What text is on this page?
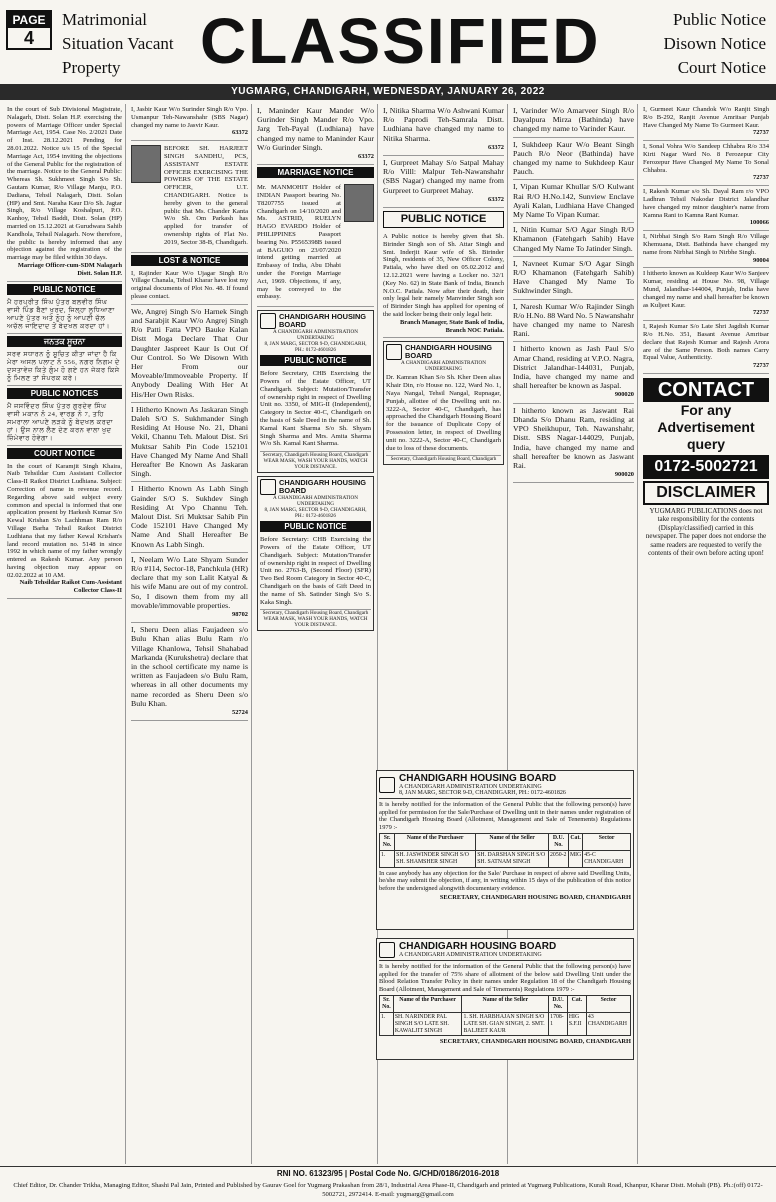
PAGE
4
Matrimonial
Situation Vacant
Property	CLASSIFIED	Public Notice
Disown Notice
Court Notice
YUGMARG, CHANDIGARH, WEDNESDAY, JANUARY 26, 2022
In the court of Sub Divisional Magistrate, Nalagarh, Distt. Solan H.P. exercising the powers of Marriage Officer under Special Marriage Act, 1954. Case No. 2/2021 Date of Inst. 28.12.2021 Pending for 28.01.2022. Notice u/s 15 of the Special Marriage Act, 1954 inviting the objections of the General Public for the registration of the marriage. Notice to the General Public: Whereas Sh. Sukhmeet Singh S/o Sh. Gautam Kumar, R/o Village Manju, P.O. Dadiana, Tehsil Nalagarh, Distt. Solan (HP) and Smt. Naraha Kaur D/o Sh. Jagtar Singh, R/o Village Koshalpuri, P.O. Kanhoy, Tehsil Baddi, Distt. Solan (HP) married on 15.12.2021 at Gurudwara Sahib Kandhola, Tehsil Nalagarh. Now therefore, the public is hereby informed that any objection against the registration of the marriage may be filed within 30 days.
Marriage Officer-cum-SDM Nalagarh Distt. Solan H.P.
PUBLIC NOTICE
ਮੈਂ ਹਰਪ੍ਰੀਤ ਸਿੰਘ ਪੁੱਤਰ ਬਲਵੀਰ ਸਿੰਘ ਵਾਸੀ ਪਿੰਡ ਬੈਣਾਂ ਖੁਰਦ, ਜਿਲ੍ਹਾ ਲੁਧਿਆਣਾ ਆਪਣੇ ਪੁੱਤਰ ਅਤੇ ਨੂੰਹ ਨੂੰ ਆਪਣੀ ਚੱਲ ਅਚੱਲ ਜਾਇਦਾਦ ਤੋਂ ਬੇਦਖਲ ਕਰਦਾ ਹਾਂ।
ਜਨਤਕ ਸੂਚਨਾ
ਸਰਵ ਸਧਾਰਨ ਨੂੰ ਸੂਚਿਤ ਕੀਤਾ ਜਾਂਦਾ ਹੈ ਕਿ ਮੇਰਾ ਅਸਲ ਪਲਾਟ ਨੰ 556, ਨਗਰ ਨਿਗਮ ਦੇ ਦਸਤਾਵੇਜ਼ ਕਿਤੇ ਗੁੰਮ ਹੋ ਗਏ ਹਨ ਜੇਕਰ ਕਿਸੇ ਨੂੰ ਮਿਲਣ ਤਾਂ ਸੰਪਰਕ ਕਰੇ।
PUBLIC NOTICES
ਮੈਂ ਜਸਵਿੰਦਰ ਸਿੰਘ ਪੁੱਤਰ ਗੁਰਦੇਵ ਸਿੰਘ ਵਾਸੀ ਮਕਾਨ ਨੰ 24, ਵਾਰਡ ਨੰ 7, ਤਹਿ ਸਮਰਾਲਾ ਆਪਣੇ ਲੜਕੇ ਨੂੰ ਬੇਦਖਲ ਕਰਦਾ ਹਾਂ। ਉਸ ਨਾਲ ਲੈਣ ਦੇਣ ਕਰਨ ਵਾਲਾ ਖੁਦ ਜ਼ਿੰਮੇਵਾਰ ਹੋਵੇਗਾ।
COURT NOTICE
In the court of Karamjit Singh Khaira, Naib Tehsildar Cum Assistant Collector Class-II Raikot District Ludhiana. Subject: Correction of name in revenue record. Regarding above said subject every common and special is informed that one application present by Harkesh Kumar S/o Kewal Krishan S/o Lachhman Ram R/o Village Barha Tehsil Raikot District Ludhiana that my father Kewal Krishan's land record mutation no. 5148 in since 1992 in which name of my father wrongly entered as Rakesh Kumar. Any person having objection may appear on 02.02.2022 at 10 AM.
Naib Tehsildar Raikot Cum-Assistant Collector Class-II
I, Jasbir Kaur W/o Surinder Singh R/o Vpo. Usmanpur Teh-Nawanshahr (SBS Nagar) changed my name to Jasvir Kaur.
63372
BEFORE SH. HARJEET SINGH SANDHU, PCS, ASSISTANT ESTATE OFFICER EXERCISING THE POWERS OF THE ESTATE OFFICER, U.T. CHANDIGARH. Notice is hereby given to the general public that Ms. Chander Kanta W/o Sh. Om Parkash has applied for transfer of ownership rights of Flat No. 2019, Sector 38-B, Chandigarh.
LOST & NOTICE
I, Rajinder Kaur W/o Ujagar Singh R/o Village Chanala, Tehsil Kharar have lost my original documents of Plot No. 48. If found please contact.
We, Angrej Singh S/o Harnek Singh and Sarabjit Kaur W/o Angrej Singh R/o Patti Fatta VPO Bauke Kalan Distt Moga Declare That Our Daughter Jaspreet Kaur Is Out Of Our Control. So We Disown With Her From our Moveable/Immoveable Property. If Anybody Dealing With Her At His/Her Own Risks.
I Hitherto Known As Jaskaran Singh Daleh S/O S. Sukhmander Singh Residing At House No. 21, Dhani Vekil, Channu Teh. Malout Dist. Sri Muktsar Sahib Pin Code 152101 Have Changed My Name And Shall Hereafter Be Known As Jaskaran Singh.
I Hitherto Known As Labh Singh Gainder S/O S. Sukhdev Singh Residing At Vpo Channu Teh. Malout Dist. Sri Muktsar Sahib Pin Code 152101 Have Changed My Name And Shall Hereafter Be Known As Labh Singh.
I, Neelam W/o Late Shyam Sunder R/o #114, Sector-18, Panchkula (HR) declare that my son Lalit Katyal & his wife Manu are out of my control. So, I disown them from my all movable/immovable properties.
98702
I, Sheru Deen alias Faujadeen s/o Bulu Khan alias Bulu Ram r/o Village Khanlowa, Tehsil Shahabad Markanda (Kurukshetra) declare that in the school certificate my name is written as Faujadeen s/o Bulu Ram, whereas in all other documents my name recorded as Sheru Deen s/o Bulu Khan.
52724
I, Maninder Kaur Mander W/o Gurinder Singh Mander R/o Vpo. Jarg Teh-Payal (Ludhiana) have changed my name to Maninder Kaur W/o Gurinder Singh.
63372
MARRIAGE NOTICE
Mr. MANMOHIT Holder of INDIAN Passport bearing No. T8207755 issued at Chandigarh on 14/10/2020 and Ms. ASTRID, RUELYN HAGO EVARDO Holder of PHILIPPINES Passport bearing No. P5565398B issued at BAGUIO on 23/07/2020 intend getting married at Embassy of India, Abu Dhabi under the Foreign Marriage Act, 1969. Objections, if any, may be conveyed to the embassy.
CHANDIGARH HOUSING BOARD
A CHANDIGARH ADMINISTRATION UNDERTAKING
8, JAN MARG, SECTOR 9-D, CHANDIGARH, PH.: 0172-4601826
PUBLIC NOTICE
Before Secretary, CHB Exercising the Powers of the Estate Officer, UT Chandigarh. Subject: Mutation/Transfer of ownership right in respect of Dwelling Unit no. 3350, of MIG-II (Independent), Category in Sector 40-C, Chandigarh on the basis of Sale Deed in the name of Sh. Kamal Kant Sharma S/o Sh. Shyam Singh Sharma and Mrs. Amita Sharma W/o Sh. Kamal Kant Sharma.
Secretary, Chandigarh Housing Board, Chandigarh
WEAR MASK, WASH YOUR HANDS, WATCH YOUR DISTANCE.
CHANDIGARH HOUSING BOARD
A CHANDIGARH ADMINISTRATION UNDERTAKING
8, JAN MARG, SECTOR 9-D, CHANDIGARH, PH.: 0172-4601826
PUBLIC NOTICE
Before Secretary: CHB Exercising the Powers of the Estate Officer, UT Chandigarh. Subject: Mutation/Transfer of ownership right in respect of Dwelling Unit no. 2763-B, (Second Floor) (SFR) Two Bed Room Category in Sector 40-C, Chandigarh on the basis of Gift Deed in the name of Sh. Satinder Singh S/o S. Kaka Singh.
Secretary, Chandigarh Housing Board, Chandigarh
WEAR MASK, WASH YOUR HANDS, WATCH YOUR DISTANCE.
I, Nitika Sharma W/o Ashwani Kumar R/o Paprodi Teh-Samrala Distt. Ludhiana have changed my name to Nitika Sharma.
63372
I, Gurpreet Mahay S/o Satpal Mahay R/o Villl: Malpur Teh-Nawanshahr (SBS Nagar) changed my name from Gurpreet to Gurpreet Mahay.
63372
PUBLIC NOTICE
A Public notice is hereby given that Sh. Birinder Singh son of Sh. Attar Singh and Smt. Inderjit Kaur wife of Sh. Birinder Singh, residents of 35, New Officer Colony, Patiala, who have died on 05.02.2012 and 12.12.2021 were having a Locker no. 32/1 (Key No. 62) in State Bank of India, Branch N.O.C. Patiala. Now after their death, their only legal heir namely Manvinder Singh son of Birinder Singh has applied for opening of the said locker being their only legal heir.
Branch Manager, State Bank of India, Branch NOC Patiala.
CHANDIGARH HOUSING BOARD
A CHANDIGARH ADMINISTRATION UNDERTAKING
Dr. Kamran Khan S/o Sh. Kher Deen alias Khair Din, r/o House no. 122, Ward No. 1, Naya Nangal, Tehsil Nangal, Rupnagar, Punjab, allottee of the Dwelling unit no. 3222-A, Sector 40-C, Chandigarh, has approached the Chandigarh Housing Board for the issuance of Duplicate Copy of Possession letter, in respect of Dwelling unit no. 3222-A, Sector 40-C, Chandigarh due to loss of these documents.
Secretary, Chandigarh Housing Board, Chandigarh
I, Varinder W/o Amarveer Singh R/o Dayalpura Mirza (Bathinda) have changed my name to Varinder Kaur.
I, Sukhdeep Kaur W/o Beant Singh Pauch R/o Neor (Bathinda) have changed my name to Sukhdeep Kaur Pauch.
I, Vipan Kumar Khullar S/O Kulwant Rai R/O H.No.142, Sunview Enclave Ayali Kalan, Ludhiana Have Changed My Name To Vipan Kumar.
I, Nitin Kumar S/O Agar Singh R/O Khamanon (Fatehgarh Sahib) Have Changed My Name To Jatinder Singh.
I, Navneet Kumar S/O Agar Singh R/O Khamanon (Fatehgarh Sahib) Have Changed My Name To Sukhwinder Singh.
I, Naresh Kumar W/o Rajinder Singh R/o H.No. 88 Ward No. 5 Nawanshahr have changed my name to Naresh Rani.
I hitherto known as Jash Paul S/o Amar Chand, residing at V.P.O. Nagra, District Jalandhar-144031, Punjab, India, have changed my name and shall hereafter be known as Jaspal.
900020
I hitherto known as Jaswant Rai Dhanda S/o Dhanu Ram, residing at VPO Sheikhupur, Teh. Nawanshahr, Distt. SBS Nagar-144029, Punjab, India, have changed my name and shall hereafter be known as Jaswant Rai.
900020
I, Gurmeet Kaur Chandok W/o Ranjit Singh R/o B-292, Ranjit Avenue Amritsar Punjab Have Changed My Name To Gurmeet Kaur.
72737
I, Sonal Vohra W/o Sandeep Chhabra R/o 334 Kirti Nagar Ward No. 8 Ferozepur City Ferozepur Have Changed My Name To Sonal Chhabra.
72737
I, Rakesh Kumar s/o Sh. Dayal Ram r/o VPO Ladhran Tehsil Nakodar District Jalandhar have changed my minor daughter's name from Kamna Rani to Kamna Rani Kumar.
100066
I, Nirbhai Singh S/o Ram Singh R/o Village Khemuana, Distt. Bathinda have changed my name from Nirbhai Singh to Nirbhe Singh.
90004
I hitherto known as Kuldeep Kaur W/o Sanjeev Kumar, residing at House No. 98, Village Mund, Jalandhar-144004, Punjab, India have changed my name and shall hereafter be known as Kuljeet Kaur.
72737
I, Rajesh Kumar S/o Late Shri Jagdish Kumar R/o H.No. 351, Basant Avenue Amritsar declare that Rajesh Kumar and Rajesh Arora are of the Same Person. Both names Carry Equal Value, Authenticity.
72737
CONTACT
For any Advertisement query
0172-5002721
DISCLAIMER
YUGMARG PUBLICATIONS does not take responsibility for the contents (Display/classified) carried in this newspaper. The paper does not endorse the same readers are requested to verify the contents of their own before acting upon!
CHANDIGARH HOUSING BOARD
A CHANDIGARH ADMINISTRATION UNDERTAKING
8, JAN MARG, SECTOR 9-D, CHANDIGARH, PH.: 0172-4601826
It is hereby notified for the information of the General Public that the following person(s) have applied for permission for the Sale/Purchase of Dwelling unit in their names under registration of the Chandigarh Housing Board (Allotment, Management and Sale of Tenements) Regulations 1979 :-
Sr. No.	Name of the Purchaser	Name of the Seller	D.U. No.	Cat.	Sector
1.	SH. JASWINDER SINGH S/O SH. SHAMSHER SINGH	SH. DARSHAN SINGH S/O SH. SATNAM SINGH	2050-2	MIG	45-C CHANDIGARH
In case anybody has any objection for the Sale/ Purchase in respect of above said Dwelling Units, he/she may submit the objection, if any, in writing within 15 days of the publication of this notice before the undersigned alongwith documentary evidence.
SECRETARY, CHANDIGARH HOUSING BOARD, CHANDIGARH
CHANDIGARH HOUSING BOARD
A CHANDIGARH ADMINISTRATION UNDERTAKING
It is hereby notified for the information of the General Public that the following person(s) have applied for the transfer of 75% share of allotment of the below said Dwelling Unit under the Blood Relation Transfer Policy in their names under Regulation 18 of the Chandigarh Housing Board (Allotment, Management and Sale of Tenements) Regulations 1979 :-
Sr. No.	Name of the Purchaser	Name of the Seller	D.U. No.	Cat.	Sector
1.	SH. NARINDER PAL SINGH S/O LATE SH. KAWALJIT SINGH	1. SH. HARBHAJAN SINGH S/O LATE SH. GIAN SINGH, 2. SMT. BALJEET KAUR	1708-1	HIG S.F.II	43 CHANDIGARH
SECRETARY, CHANDIGARH HOUSING BOARD, CHANDIGARH
RNI NO. 61323/95 | Postal Code No. G/CHD/0186/2016-2018
Chief Editor, Dr. Chander Trikha, Managing Editor, Shashi Pal Jain, Printed and Published by Gaurav Goel for Yugmarg Prakashan from 28/1, Industrial Area Phase-II, Chandigarh and printed at Yugmarg Publications, Kurali Road, Khanpur, Kharar Distt. Mohali (PB). Ph.:(off) 0172-5002721, 2972414. E-mail: yugmarg@gmail.com
